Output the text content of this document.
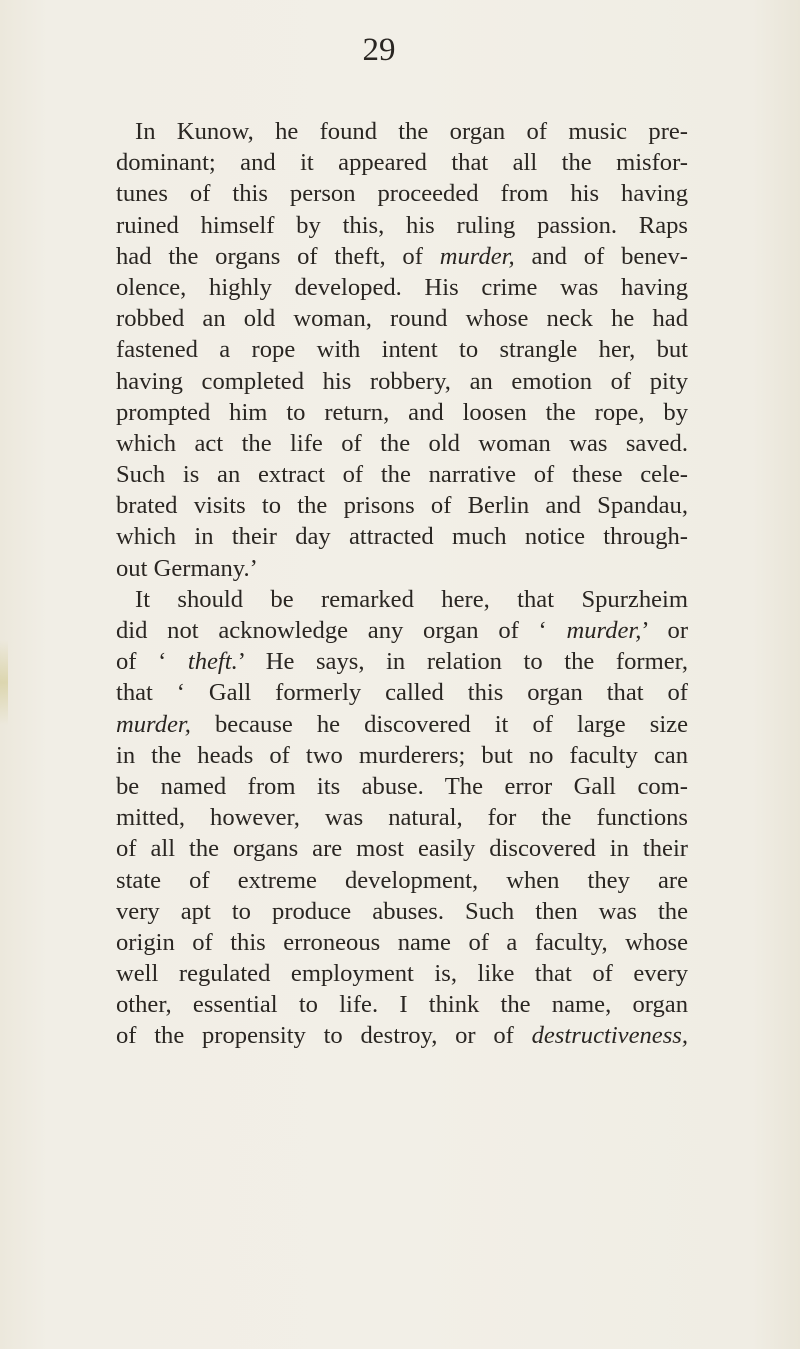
29
In Kunow, he found the organ of music pre-
dominant; and it appeared that all the misfor-
tunes of this person proceeded from his having
ruined himself by this, his ruling passion. Raps
had the organs of theft, of murder, and of benev-
olence, highly developed. His crime was having
robbed an old woman, round whose neck he had
fastened a rope with intent to strangle her, but
having completed his robbery, an emotion of pity
prompted him to return, and loosen the rope, by
which act the life of the old woman was saved.
Such is an extract of the narrative of these cele-
brated visits to the prisons of Berlin and Spandau,
which in their day attracted much notice through-
out Germany.’
It should be remarked here, that Spurzheim
did not acknowledge any organ of ‘ murder,’ or
of ‘ theft.’ He says, in relation to the former,
that ‘ Gall formerly called this organ that of
murder, because he discovered it of large size
in the heads of two murderers; but no faculty can
be named from its abuse. The error Gall com-
mitted, however, was natural, for the functions
of all the organs are most easily discovered in their
state of extreme development, when they are
very apt to produce abuses. Such then was the
origin of this erroneous name of a faculty, whose
well regulated employment is, like that of every
other, essential to life. I think the name, organ
of the propensity to destroy, or of destructiveness,
